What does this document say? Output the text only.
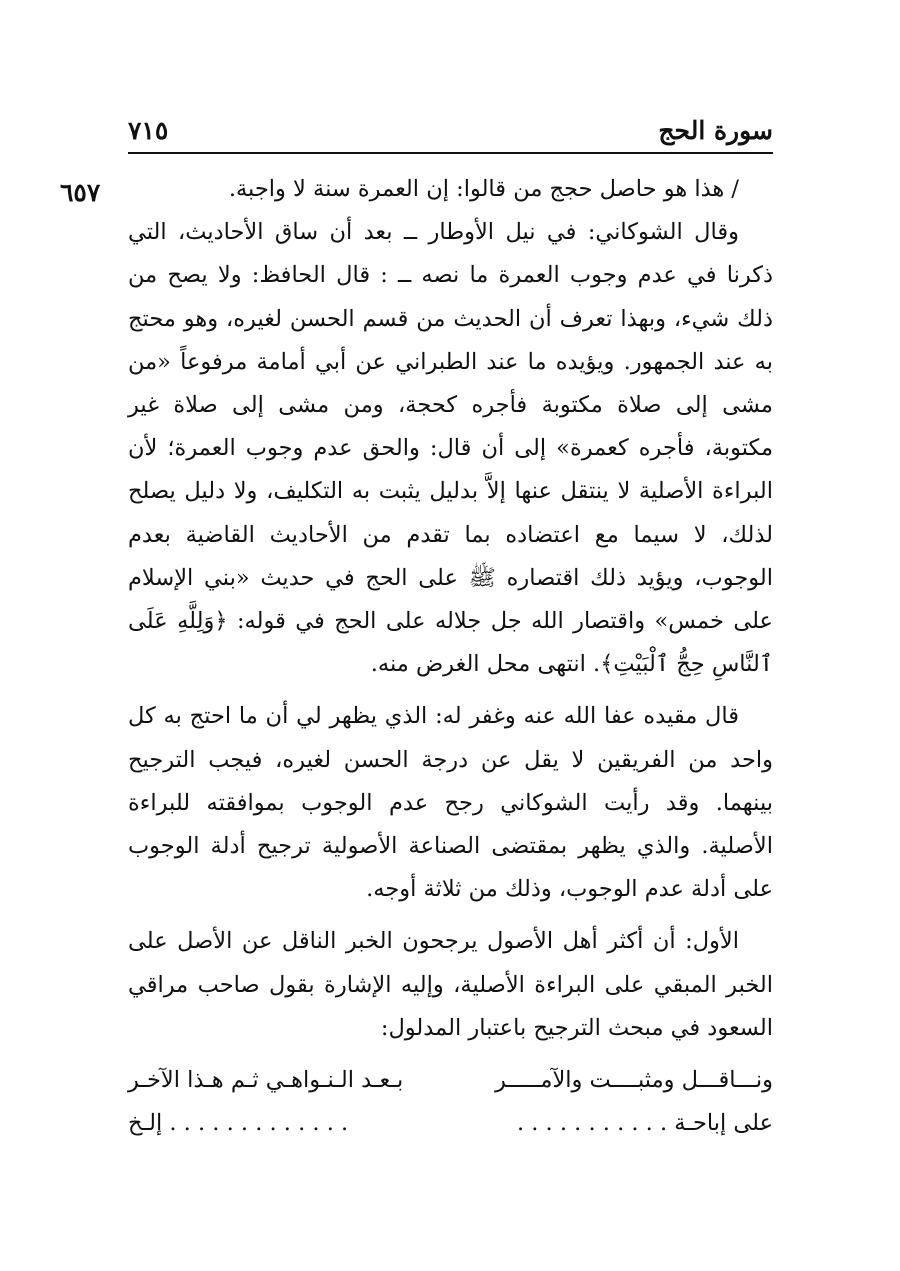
سورة الحج
٧١٥
٦٥٧	/ هذا هو حاصل حجج من قالوا: إن العمرة سنة لا واجبة.

وقال الشوكاني: في نيل الأوطار ــ بعد أن ساق الأحاديث، التي ذكرنا في عدم وجوب العمرة ما نصه ــ : قال الحافظ: ولا يصح من ذلك شيء، وبهذا تعرف أن الحديث من قسم الحسن لغيره، وهو محتج به عند الجمهور. ويؤيده ما عند الطبراني عن أبي أمامة مرفوعاً «من مشى إلى صلاة مكتوبة فأجره كحجة، ومن مشى إلى صلاة غير مكتوبة، فأجره كعمرة» إلى أن قال: والحق عدم وجوب العمرة؛ لأن البراءة الأصلية لا ينتقل عنها إلاَّ بدليل يثبت به التكليف، ولا دليل يصلح لذلك، لا سيما مع اعتضاده بما تقدم من الأحاديث القاضية بعدم الوجوب، ويؤيد ذلك اقتصاره ﷺ على الحج في حديث «بني الإسلام على خمس» واقتصار الله جل جلاله على الحج في قوله: ﴿وَلِلَّهِ عَلَى ٱلنَّاسِ حِجُّ ٱلْبَيْتِ﴾. انتهى محل الغرض منه.

قال مقيده عفا الله عنه وغفر له: الذي يظهر لي أن ما احتج به كل واحد من الفريقين لا يقل عن درجة الحسن لغيره، فيجب الترجيح بينهما. وقد رأيت الشوكاني رجح عدم الوجوب بموافقته للبراءة الأصلية. والذي يظهر بمقتضى الصناعة الأصولية ترجيح أدلة الوجوب على أدلة عدم الوجوب، وذلك من ثلاثة أوجه.

الأول: أن أكثر أهل الأصول يرجحون الخبر الناقل عن الأصل على الخبر المبقي على البراءة الأصلية، وإليه الإشارة بقول صاحب مراقي السعود في مبحث الترجيح باعتبار المدلول:

ونـــاقـــل ومثبــــت والآمـــــر
بـعـد الـنـواهـي ثـم هـذا الآخـر
على إباحـة . . . . . . . . . . .
. . . . . . . . . . . . . إلـخ
